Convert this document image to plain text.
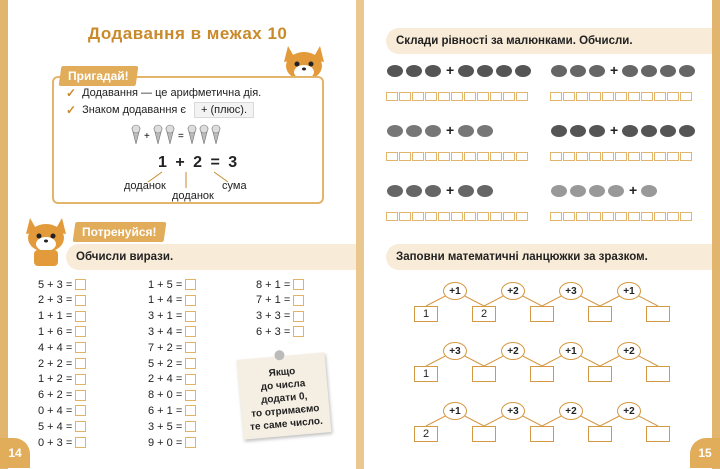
Додавання в межах 10
✓ Додавання — це арифметична дія.
✓ Знаком додавання є	+ (плюс).
+	=
1 + 2 = 3
доданок
доданок
сума
Пригадай!
Потренуйся!
Обчисли вирази.
5 + 3 =
2 + 3 =
1 + 1 =
1 + 6 =
4 + 4 =
2 + 2 =
1 + 2 =
6 + 2 =
0 + 4 =
5 + 4 =
0 + 3 =
1 + 5 =
1 + 4 =
3 + 1 =
3 + 4 =
7 + 2 =
5 + 2 =
2 + 4 =
8 + 0 =
6 + 1 =
3 + 5 =
9 + 0 =
8 + 1 =
7 + 1 =
3 + 3 =
6 + 3 =
Якщо
до числа
додати 0,
то отримаємо
те саме число.
14
Склади рівності за малюнками. Обчисли.
+	+
+	+
+	+
Заповни математичні ланцюжки за зразком.
+1	+2	+3	+1
1	2
+3	+2	+1	+2
1
+1	+3	+2	+2
2
15
